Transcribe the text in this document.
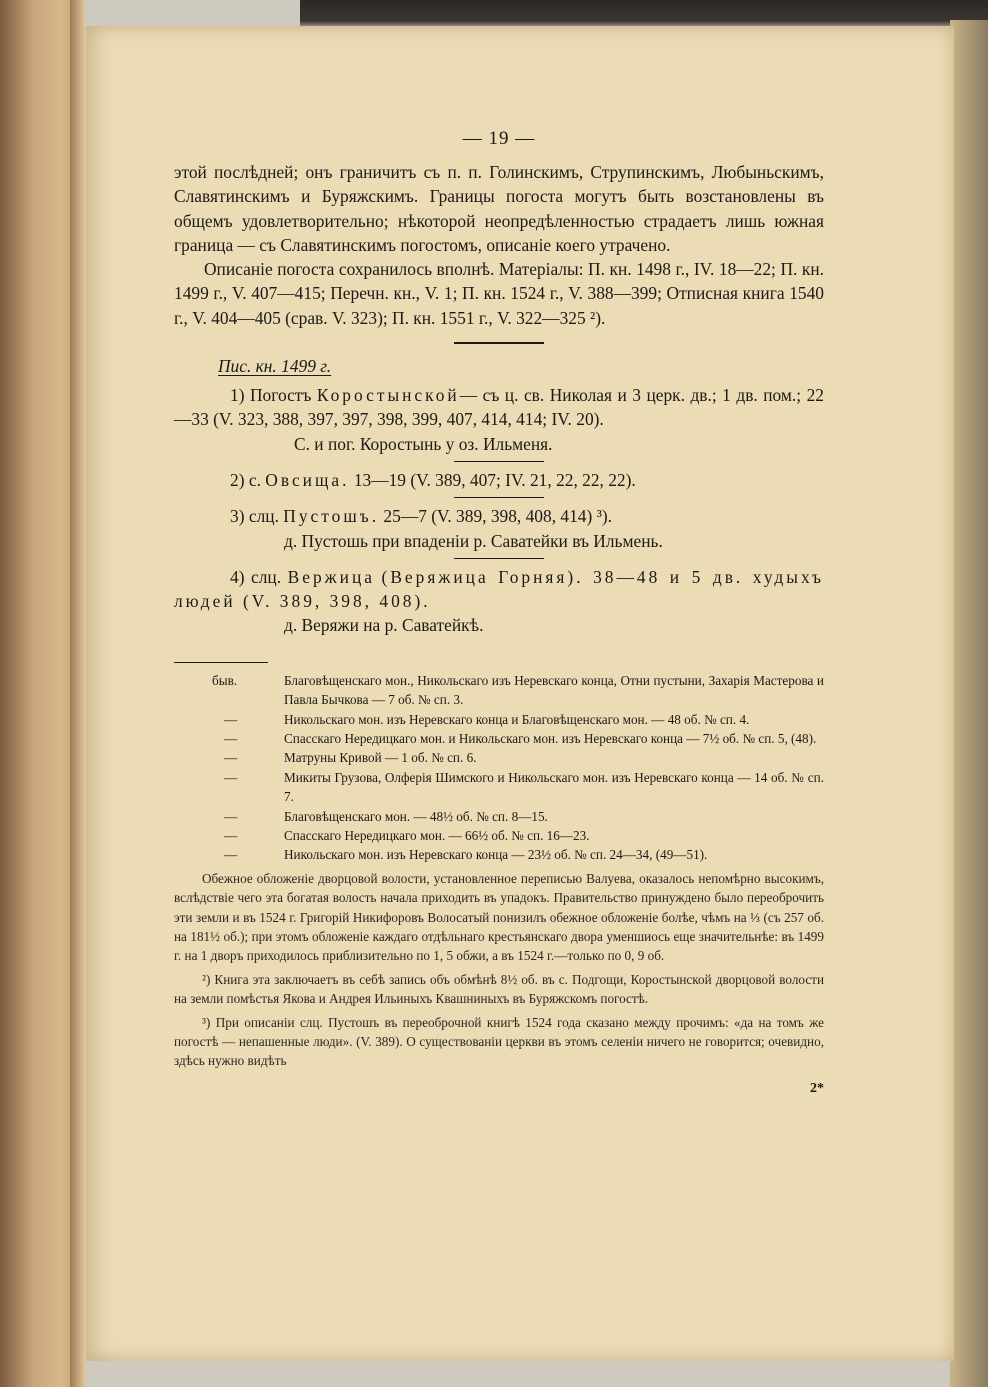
— 19 —

этой послѣдней; онъ граничитъ съ п. п. Голинскимъ, Струпинскимъ, Любыньскимъ, Славятинскимъ и Буряжскимъ. Границы погоста могутъ быть возстановлены въ общемъ удовлетворительно; нѣкоторой неопредѣленностью страдаетъ лишь южная граница — съ Славятинскимъ погостомъ, описаніе коего утрачено.

Описаніе погоста сохранилось вполнѣ. Матеріалы: П. кн. 1498 г., IV. 18—22; П. кн. 1499 г., V. 407—415; Перечн. кн., V. 1; П. кн. 1524 г., V. 388—399; Отписная книга 1540 г., V. 404—405 (срав. V. 323); П. кн. 1551 г., V. 322—325 ²).

Пис. кн. 1499 г.

1) Погостъ Коростынской— съ ц. св. Николая и 3 церк. дв.; 1 дв. пом.; 22—33 (V. 323, 388, 397, 397, 398, 399, 407, 414, 414; IV. 20).

С. и пог. Коростынь у оз. Ильменя.

2) с. Овсища. 13—19 (V. 389, 407; IV. 21, 22, 22, 22).

3) слц. Пустошъ. 25—7 (V. 389, 398, 408, 414) ³).

д. Пустошь при впаденіи р. Саватейки въ Ильмень.

4) слц. Вержица (Веряжица Горняя). 38—48 и 5 дв. худыхъ людей (V. 389, 398, 408).

д. Веряжи на р. Саватейкѣ.

быв.	Благовѣщенскаго мон., Никольскаго изъ Неревскаго конца, Отни пустыни, Захарія Мастерова и Павла Бычкова — 7 об. № сп. 3.
—	Никольскаго мон. изъ Неревскаго конца и Благовѣщенскаго мон. — 48 об. № сп. 4.
—	Спасскаго Нередицкаго мон. и Никольскаго мон. изъ Неревскаго конца — 7½ об. № сп. 5, (48).
—	Матруны Кривой — 1 об. № сп. 6.
—	Микиты Грузова, Олферія Шимского и Никольскаго мон. изъ Неревскаго конца — 14 об. № сп. 7.
—	Благовѣщенскаго мон. — 48½ об. № сп. 8—15.
—	Спасскаго Нередицкаго мон. — 66½ об. № сп. 16—23.
—	Никольскаго мон. изъ Неревскаго конца — 23½ об. № сп. 24—34, (49—51).

Обежное обложеніе дворцовой волости, установленное переписью Валуева, оказалось непомѣрно высокимъ, вслѣдствіе чего эта богатая волость начала приходить въ упадокъ. Правительство принуждено было переоброчить эти земли и въ 1524 г. Григорій Никифоровъ Волосатый понизилъ обежное обложеніе болѣе, чѣмъ на ⅓ (съ 257 об. на 181½ об.); при этомъ обложеніе каждаго отдѣльнаго крестьянскаго двора уменшиось еще значительнѣе: въ 1499 г. на 1 дворъ приходилось приблизительно по 1, 5 обжи, а въ 1524 г.—только по 0, 9 об.

²) Книга эта заключаетъ въ себѣ запись объ обмѣнѣ 8½ об. въ с. Подгощи, Коростынской дворцовой волости на земли помѣстья Якова и Андрея Ильиныхъ Квашниныхъ въ Буряжскомъ погостѣ.

³) При описаніи слц. Пустошъ въ переоброчной книгѣ 1524 года сказано между прочимъ: «да на томъ же погостѣ — непашенные люди». (V. 389). О существованіи церкви въ этомъ селеніи ничего не говорится; очевидно, здѣсь нужно видѣть

2*
